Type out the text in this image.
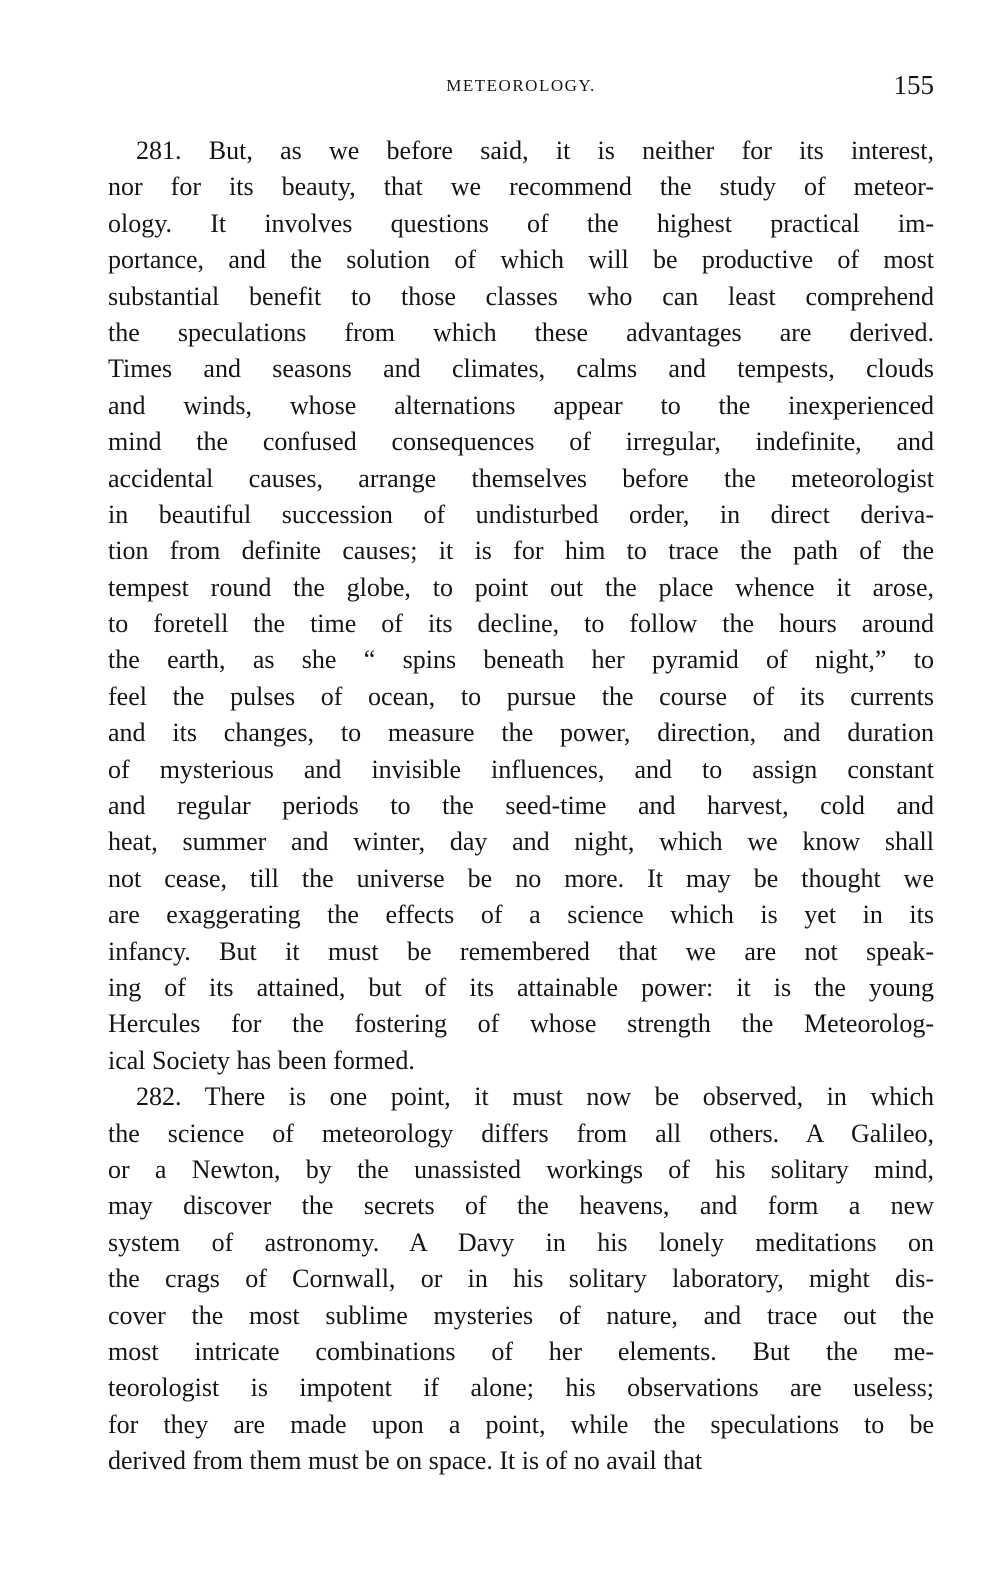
METEOROLOGY.	155
281. But, as we before said, it is neither for its interest,
nor for its beauty, that we recommend the study of meteor-
ology. It involves questions of the highest practical im-
portance, and the solution of which will be productive of most
substantial benefit to those classes who can least comprehend
the speculations from which these advantages are derived.
Times and seasons and climates, calms and tempests, clouds
and winds, whose alternations appear to the inexperienced
mind the confused consequences of irregular, indefinite, and
accidental causes, arrange themselves before the meteorologist
in beautiful succession of undisturbed order, in direct deriva-
tion from definite causes; it is for him to trace the path of the
tempest round the globe, to point out the place whence it arose,
to foretell the time of its decline, to follow the hours around
the earth, as she “ spins beneath her pyramid of night,” to
feel the pulses of ocean, to pursue the course of its currents
and its changes, to measure the power, direction, and duration
of mysterious and invisible influences, and to assign constant
and regular periods to the seed-time and harvest, cold and
heat, summer and winter, day and night, which we know shall
not cease, till the universe be no more. It may be thought we
are exaggerating the effects of a science which is yet in its
infancy. But it must be remembered that we are not speak-
ing of its attained, but of its attainable power: it is the young
Hercules for the fostering of whose strength the Meteorolog-
ical Society has been formed.
282. There is one point, it must now be observed, in which
the science of meteorology differs from all others. A Galileo,
or a Newton, by the unassisted workings of his solitary mind,
may discover the secrets of the heavens, and form a new
system of astronomy. A Davy in his lonely meditations on
the crags of Cornwall, or in his solitary laboratory, might dis-
cover the most sublime mysteries of nature, and trace out the
most intricate combinations of her elements. But the me-
teorologist is impotent if alone; his observations are useless;
for they are made upon a point, while the speculations to be
derived from them must be on space. It is of no avail that
